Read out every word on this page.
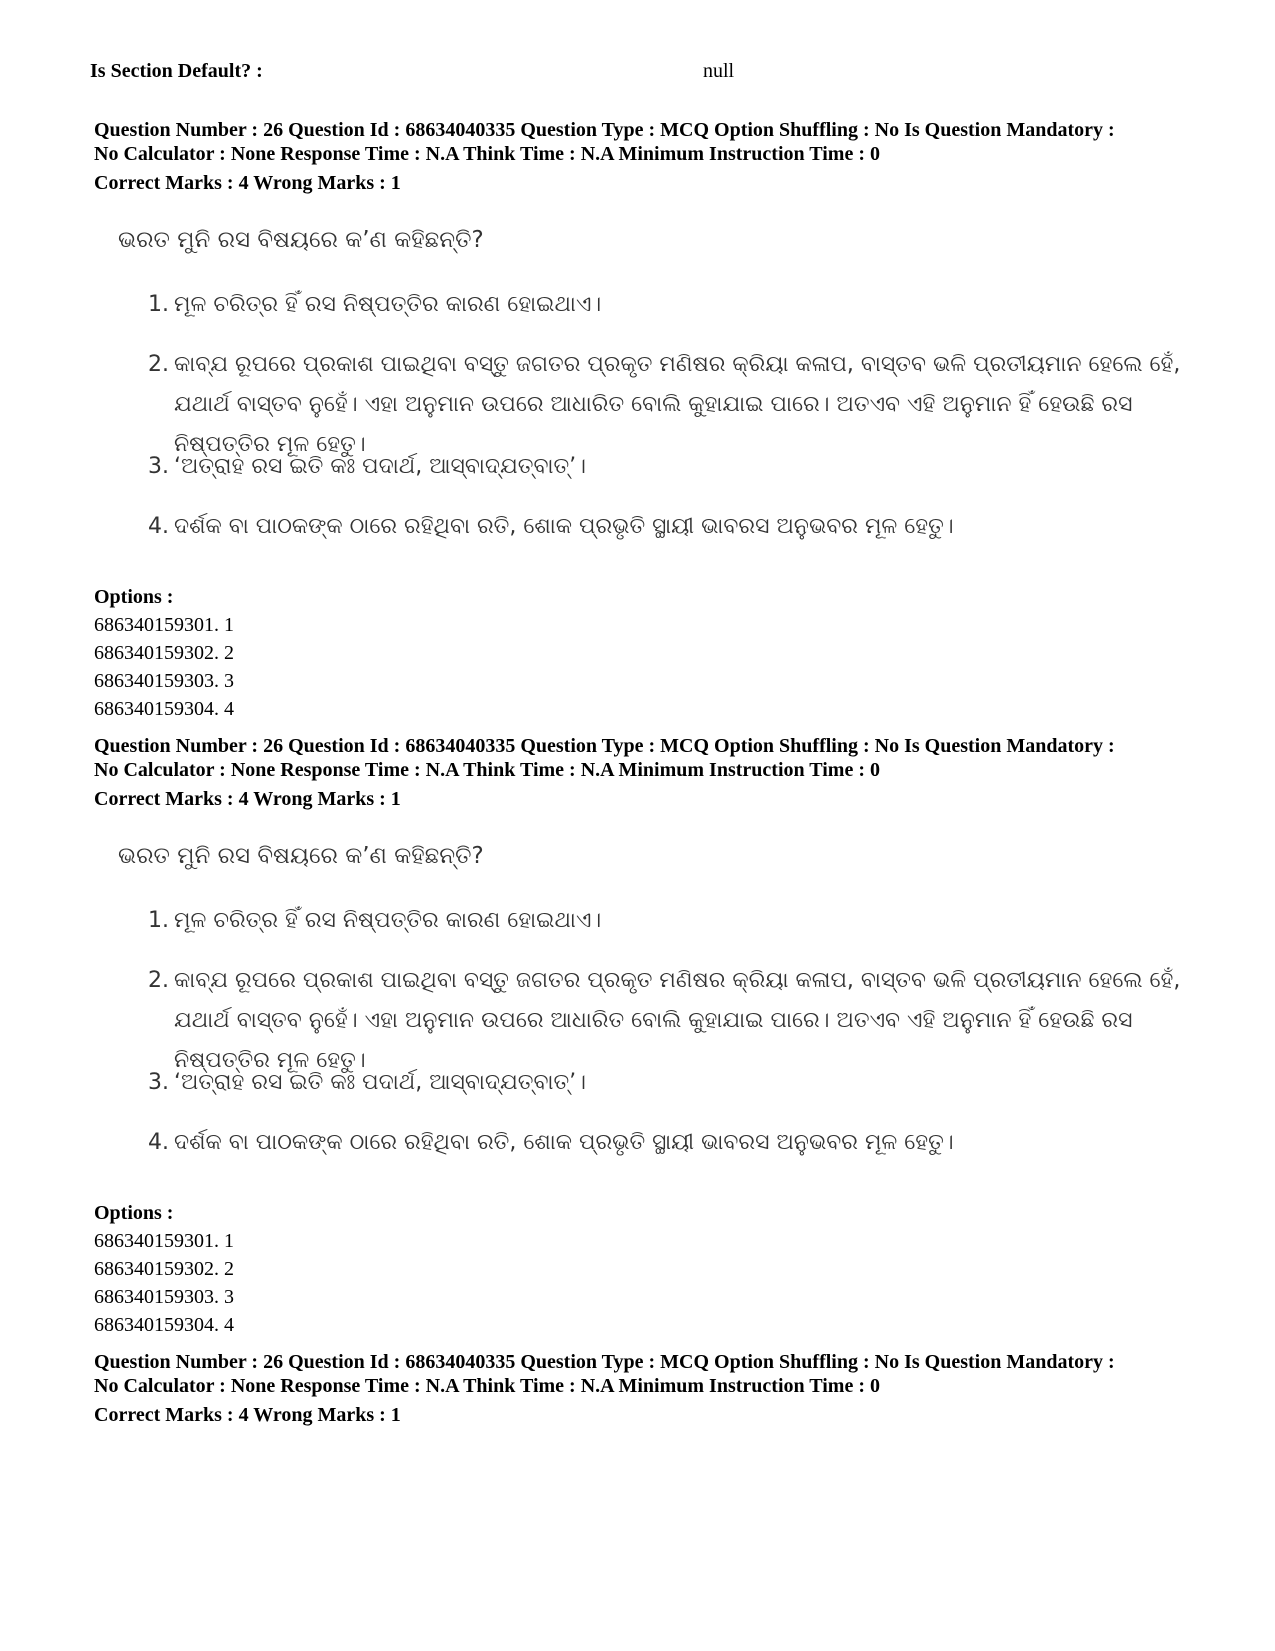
Is Section Default? :	null
Question Number : 26 Question Id : 68634040335 Question Type : MCQ Option Shuffling : No Is Question Mandatory :
No Calculator : None Response Time : N.A Think Time : N.A Minimum Instruction Time : 0
Correct Marks : 4 Wrong Marks : 1
ଭରତ ମୁନି ରସ ବିଷୟରେ କ’ଣ କହିଛନ୍ତି?
1. ମୂଳ ଚରିତ୍ର ହିଁ ରସ ନିଷ୍ପତ୍ତିର କାରଣ ହୋଇଥାଏ।
2. କାବ୍ଯ ରୂପରେ ପ୍ରକାଶ ପାଇଥିବା ବସ୍ତୁ ଜଗତର ପ୍ରକୃତ ମଣିଷର କ୍ରିୟା କଳାପ, ବାସ୍ତବ ଭଳି ପ୍ରତୀୟମାନ ହେଲେ ହେଁ, ଯଥାର୍ଥ ବାସ୍ତବ ନୁହେଁ। ଏହା ଅନୁମାନ ଉପରେ ଆଧାରିତ ବୋଲି କୁହାଯାଇ ପାରେ। ଅତଏବ ଏହି ଅନୁମାନ ହିଁ ହେଉଛି ରସ ନିଷ୍ପତ୍ତିର ମୂଳ ହେତୁ।
3. ‘ଅତ୍ରାହ ରସ ଇତି କଃ ପଦାର୍ଥ, ଆସ୍ବାଦ୍ଯତ୍ବାତ୍’।
4. ଦର୍ଶକ ବା ପାଠକଙ୍କ ଠାରେ ରହିଥିବା ରତି, ଶୋକ ପ୍ରଭୃତି ସ୍ଥାୟୀ ଭାବରସ ଅନୁଭବର ମୂଳ ହେତୁ।
Options :
686340159301. 1
686340159302. 2
686340159303. 3
686340159304. 4
Question Number : 26 Question Id : 68634040335 Question Type : MCQ Option Shuffling : No Is Question Mandatory :
No Calculator : None Response Time : N.A Think Time : N.A Minimum Instruction Time : 0
Correct Marks : 4 Wrong Marks : 1
ଭରତ ମୁନି ରସ ବିଷୟରେ କ’ଣ କହିଛନ୍ତି?
1. ମୂଳ ଚରିତ୍ର ହିଁ ରସ ନିଷ୍ପତ୍ତିର କାରଣ ହୋଇଥାଏ।
2. କାବ୍ଯ ରୂପରେ ପ୍ରକାଶ ପାଇଥିବା ବସ୍ତୁ ଜଗତର ପ୍ରକୃତ ମଣିଷର କ୍ରିୟା କଳାପ, ବାସ୍ତବ ଭଳି ପ୍ରତୀୟମାନ ହେଲେ ହେଁ, ଯଥାର୍ଥ ବାସ୍ତବ ନୁହେଁ। ଏହା ଅନୁମାନ ଉପରେ ଆଧାରିତ ବୋଲି କୁହାଯାଇ ପାରେ। ଅତଏବ ଏହି ଅନୁମାନ ହିଁ ହେଉଛି ରସ ନିଷ୍ପତ୍ତିର ମୂଳ ହେତୁ।
3. ‘ଅତ୍ରାହ ରସ ଇତି କଃ ପଦାର୍ଥ, ଆସ୍ବାଦ୍ଯତ୍ବାତ୍’।
4. ଦର୍ଶକ ବା ପାଠକଙ୍କ ଠାରେ ରହିଥିବା ରତି, ଶୋକ ପ୍ରଭୃତି ସ୍ଥାୟୀ ଭାବରସ ଅନୁଭବର ମୂଳ ହେତୁ।
Options :
686340159301. 1
686340159302. 2
686340159303. 3
686340159304. 4
Question Number : 26 Question Id : 68634040335 Question Type : MCQ Option Shuffling : No Is Question Mandatory :
No Calculator : None Response Time : N.A Think Time : N.A Minimum Instruction Time : 0
Correct Marks : 4 Wrong Marks : 1
